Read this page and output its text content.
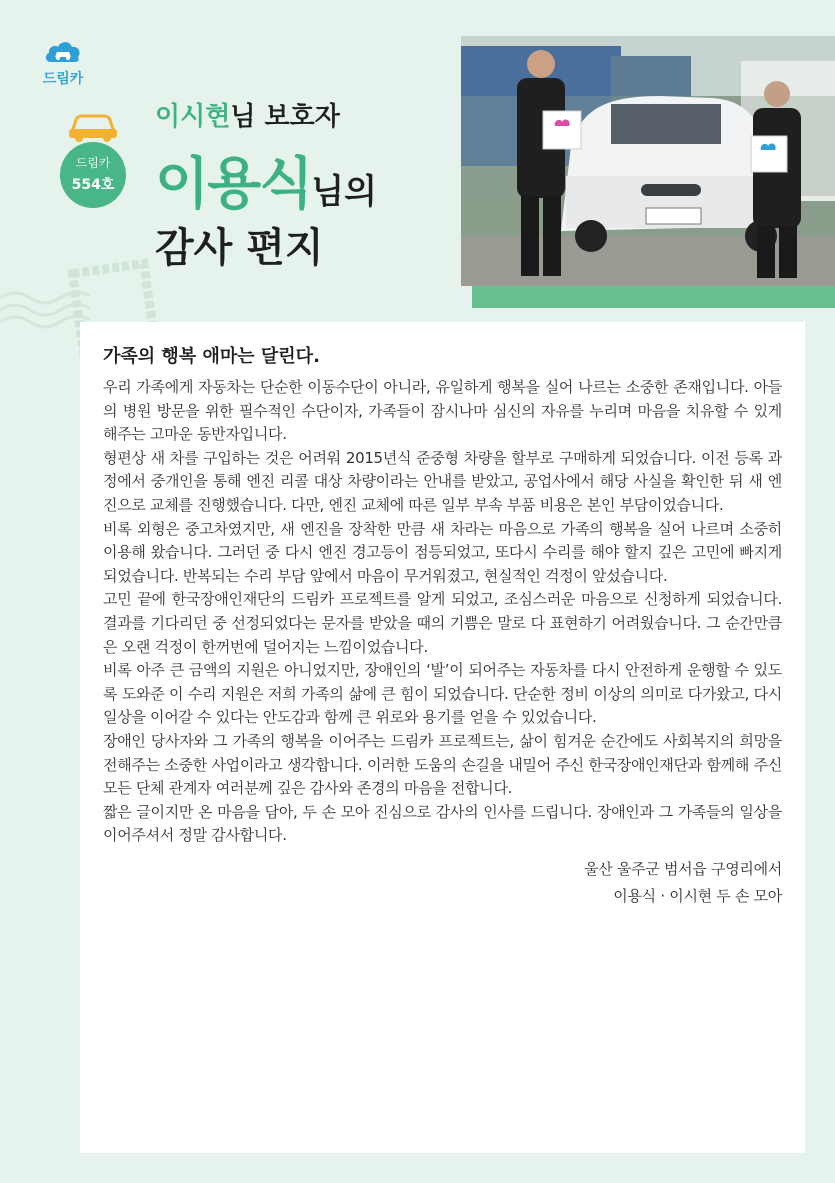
드림카
드림카
554호
이시현님 보호자
이용식님의
감사 편지
가족의 행복 애마는 달린다.

우리 가족에게 자동차는 단순한 이동수단이 아니라, 유일하게 행복을 실어 나르는 소중한 존재입니다. 아들의 병원 방문을 위한 필수적인 수단이자, 가족들이 잠시나마 심신의 자유를 누리며 마음을 치유할 수 있게 해주는 고마운 동반자입니다.

형편상 새 차를 구입하는 것은 어려워 2015년식 준중형 차량을 할부로 구매하게 되었습니다. 이전 등록 과정에서 중개인을 통해 엔진 리콜 대상 차량이라는 안내를 받았고, 공업사에서 해당 사실을 확인한 뒤 새 엔진으로 교체를 진행했습니다. 다만, 엔진 교체에 따른 일부 부속 부품 비용은 본인 부담이었습니다.

비록 외형은 중고차였지만, 새 엔진을 장착한 만큼 새 차라는 마음으로 가족의 행복을 실어 나르며 소중히 이용해 왔습니다. 그러던 중 다시 엔진 경고등이 점등되었고, 또다시 수리를 해야 할지 깊은 고민에 빠지게 되었습니다. 반복되는 수리 부담 앞에서 마음이 무거워졌고, 현실적인 걱정이 앞섰습니다.

고민 끝에 한국장애인재단의 드림카 프로젝트를 알게 되었고, 조심스러운 마음으로 신청하게 되었습니다. 결과를 기다리던 중 선정되었다는 문자를 받았을 때의 기쁨은 말로 다 표현하기 어려웠습니다. 그 순간만큼은 오랜 걱정이 한꺼번에 덜어지는 느낌이었습니다.

비록 아주 큰 금액의 지원은 아니었지만, 장애인의 ‘발’이 되어주는 자동차를 다시 안전하게 운행할 수 있도록 도와준 이 수리 지원은 저희 가족의 삶에 큰 힘이 되었습니다. 단순한 정비 이상의 의미로 다가왔고, 다시 일상을 이어갈 수 있다는 안도감과 함께 큰 위로와 용기를 얻을 수 있었습니다.

장애인 당사자와 그 가족의 행복을 이어주는 드림카 프로젝트는, 삶이 힘겨운 순간에도 사회복지의 희망을 전해주는 소중한 사업이라고 생각합니다. 이러한 도움의 손길을 내밀어 주신 한국장애인재단과 함께해 주신 모든 단체 관계자 여러분께 깊은 감사와 존경의 마음을 전합니다.

짧은 글이지만 온 마음을 담아, 두 손 모아 진심으로 감사의 인사를 드립니다. 장애인과 그 가족들의 일상을 이어주셔서 정말 감사합니다.

울산 울주군 범서읍 구영리에서
이용식 · 이시현 두 손 모아
